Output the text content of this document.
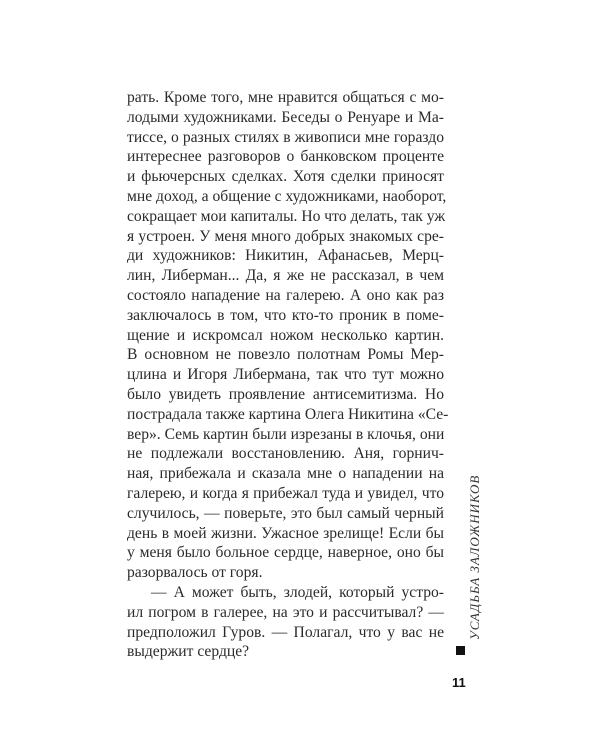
рать. Кроме того, мне нравится общаться с мо-
лодыми художниками. Беседы о Ренуаре и Ма-
тиссе, о разных стилях в живописи мне гораздо
интереснее разговоров о банковском проценте
и фьючерсных сделках. Хотя сделки приносят
мне доход, а общение с художниками, наоборот,
сокращает мои капиталы. Но что делать, так уж
я устроен. У меня много добрых знакомых сре-
ди художников: Никитин, Афанасьев, Мерц-
лин, Либерман... Да, я же не рассказал, в чем
состояло нападение на галерею. А оно как раз
заключалось в том, что кто-то проник в поме-
щение и искромсал ножом несколько картин.
В основном не повезло полотнам Ромы Мер-
цлина и Игоря Либермана, так что тут можно
было увидеть проявление антисемитизма. Но
пострадала также картина Олега Никитина «Се-
вер». Семь картин были изрезаны в клочья, они
не подлежали восстановлению. Аня, горнич-
ная, прибежала и сказала мне о нападении на
галерею, и когда я прибежал туда и увидел, что
случилось, — поверьте, это был самый черный
день в моей жизни. Ужасное зрелище! Если бы
у меня было больное сердце, наверное, оно бы
разорвалось от горя.
— А может быть, злодей, который устро-
ил погром в галерее, на это и рассчитывал? —
предположил Гуров. — Полагал, что у вас не
выдержит сердце?
УСАДЬБА ЗАЛОЖНИКОВ
11
